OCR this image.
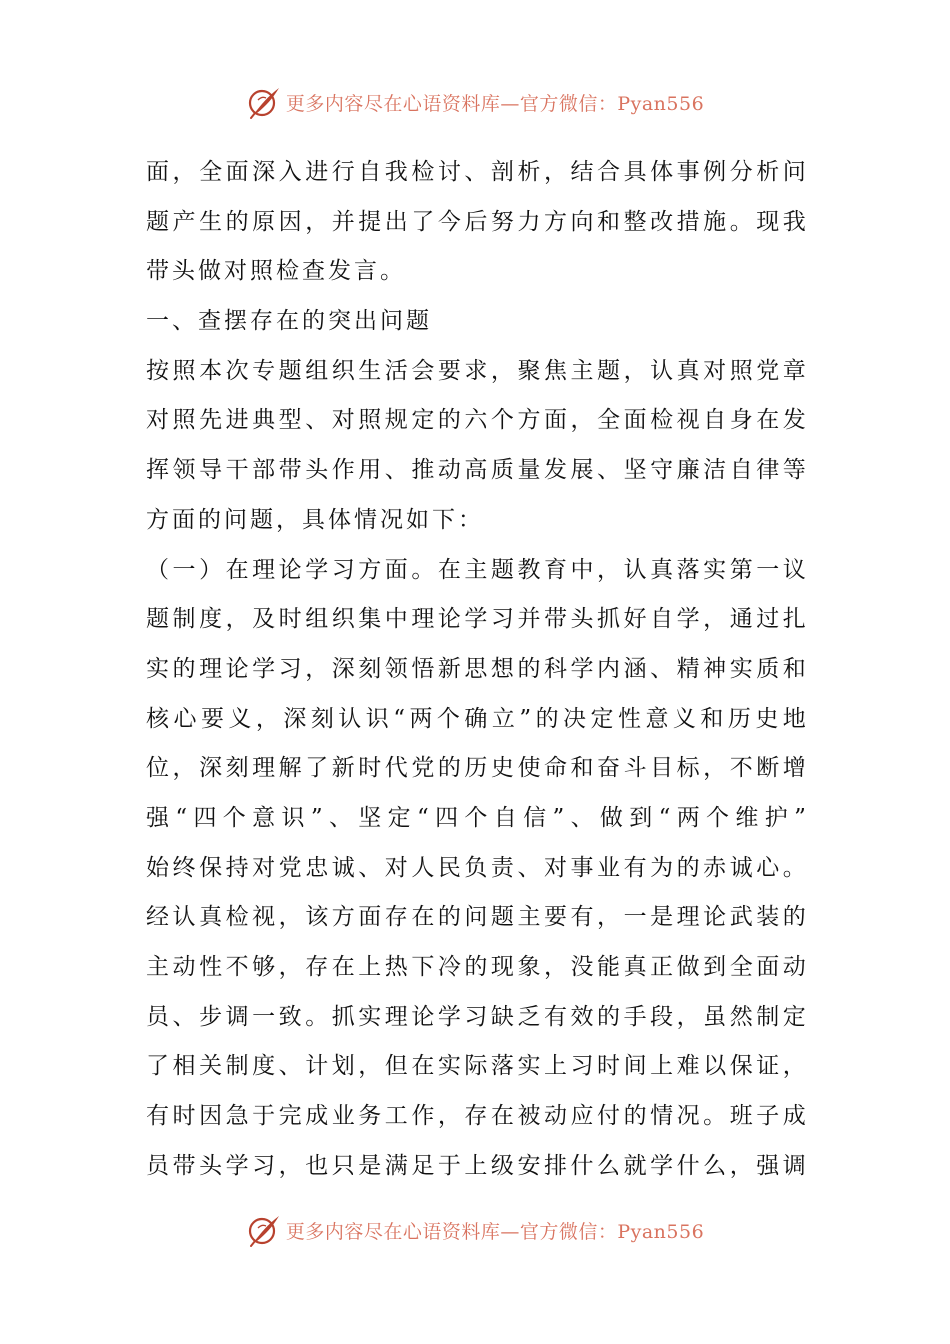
更多内容尽在心语资料库—官方微信：Pyan556
面 ， 全 面 深 入 进 行 自 我 检 讨 、 剖 析 ， 结 合 具 体 事 例 分 析 问
题 产 生 的 原 因 ， 并 提 出 了 今 后 努 力 方 向 和 整 改 措 施 。 现 我
带头做对照检查发言。
一、查摆存在的突出问题
按 照 本 次 专 题 组 织 生 活 会 要 求 ， 聚 焦 主 题 ， 认 真 对 照 党 章
对 照 先 进 典 型 、 对 照 规 定 的 六 个 方 面 ， 全 面 检 视 自 身 在 发
挥 领 导 干 部 带 头 作 用 、 推 动 高 质 量 发 展 、 坚 守 廉 洁 自 律 等
方面的问题，具体情况如下：
（ 一 ） 在 理 论 学 习 方 面 。 在 主 题 教 育 中 ， 认 真 落 实 第 一 议
题 制 度 ， 及 时 组 织 集 中 理 论 学 习 并 带 头 抓 好 自 学 ， 通 过 扎
实 的 理 论 学 习 ， 深 刻 领 悟 新 思 想 的 科 学 内 涵 、 精 神 实 质 和
核 心 要 义 ， 深 刻 认 识 “ 两 个 确 立 ” 的 决 定 性 意 义 和 历 史 地
位 ， 深 刻 理 解 了 新 时 代 党 的 历 史 使 命 和 奋 斗 目 标 ， 不 断 增
强 “ 四 个 意 识 ” 、 坚 定 “ 四 个 自 信 ” 、 做 到 “ 两 个 维 护 ”
始 终 保 持 对 党 忠 诚 、 对 人 民 负 责 、 对 事 业 有 为 的 赤 诚 心 。
经 认 真 检 视 ， 该 方 面 存 在 的 问 题 主 要 有 ， 一 是 理 论 武 装 的
主 动 性 不 够 ， 存 在 上 热 下 冷 的 现 象 ， 没 能 真 正 做 到 全 面 动
员 、 步 调 一 致 。 抓 实 理 论 学 习 缺 乏 有 效 的 手 段 ， 虽 然 制 定
了 相 关 制 度 、 计 划 ， 但 在 实 际 落 实 上 习 时 间 上 难 以 保 证 ，
有 时 因 急 于 完 成 业 务 工 作 ， 存 在 被 动 应 付 的 情 况 。 班 子 成
员 带 头 学 习 ， 也 只 是 满 足 于 上 级 安 排 什 么 就 学 什 么 ， 强 调
更多内容尽在心语资料库—官方微信：Pyan556
